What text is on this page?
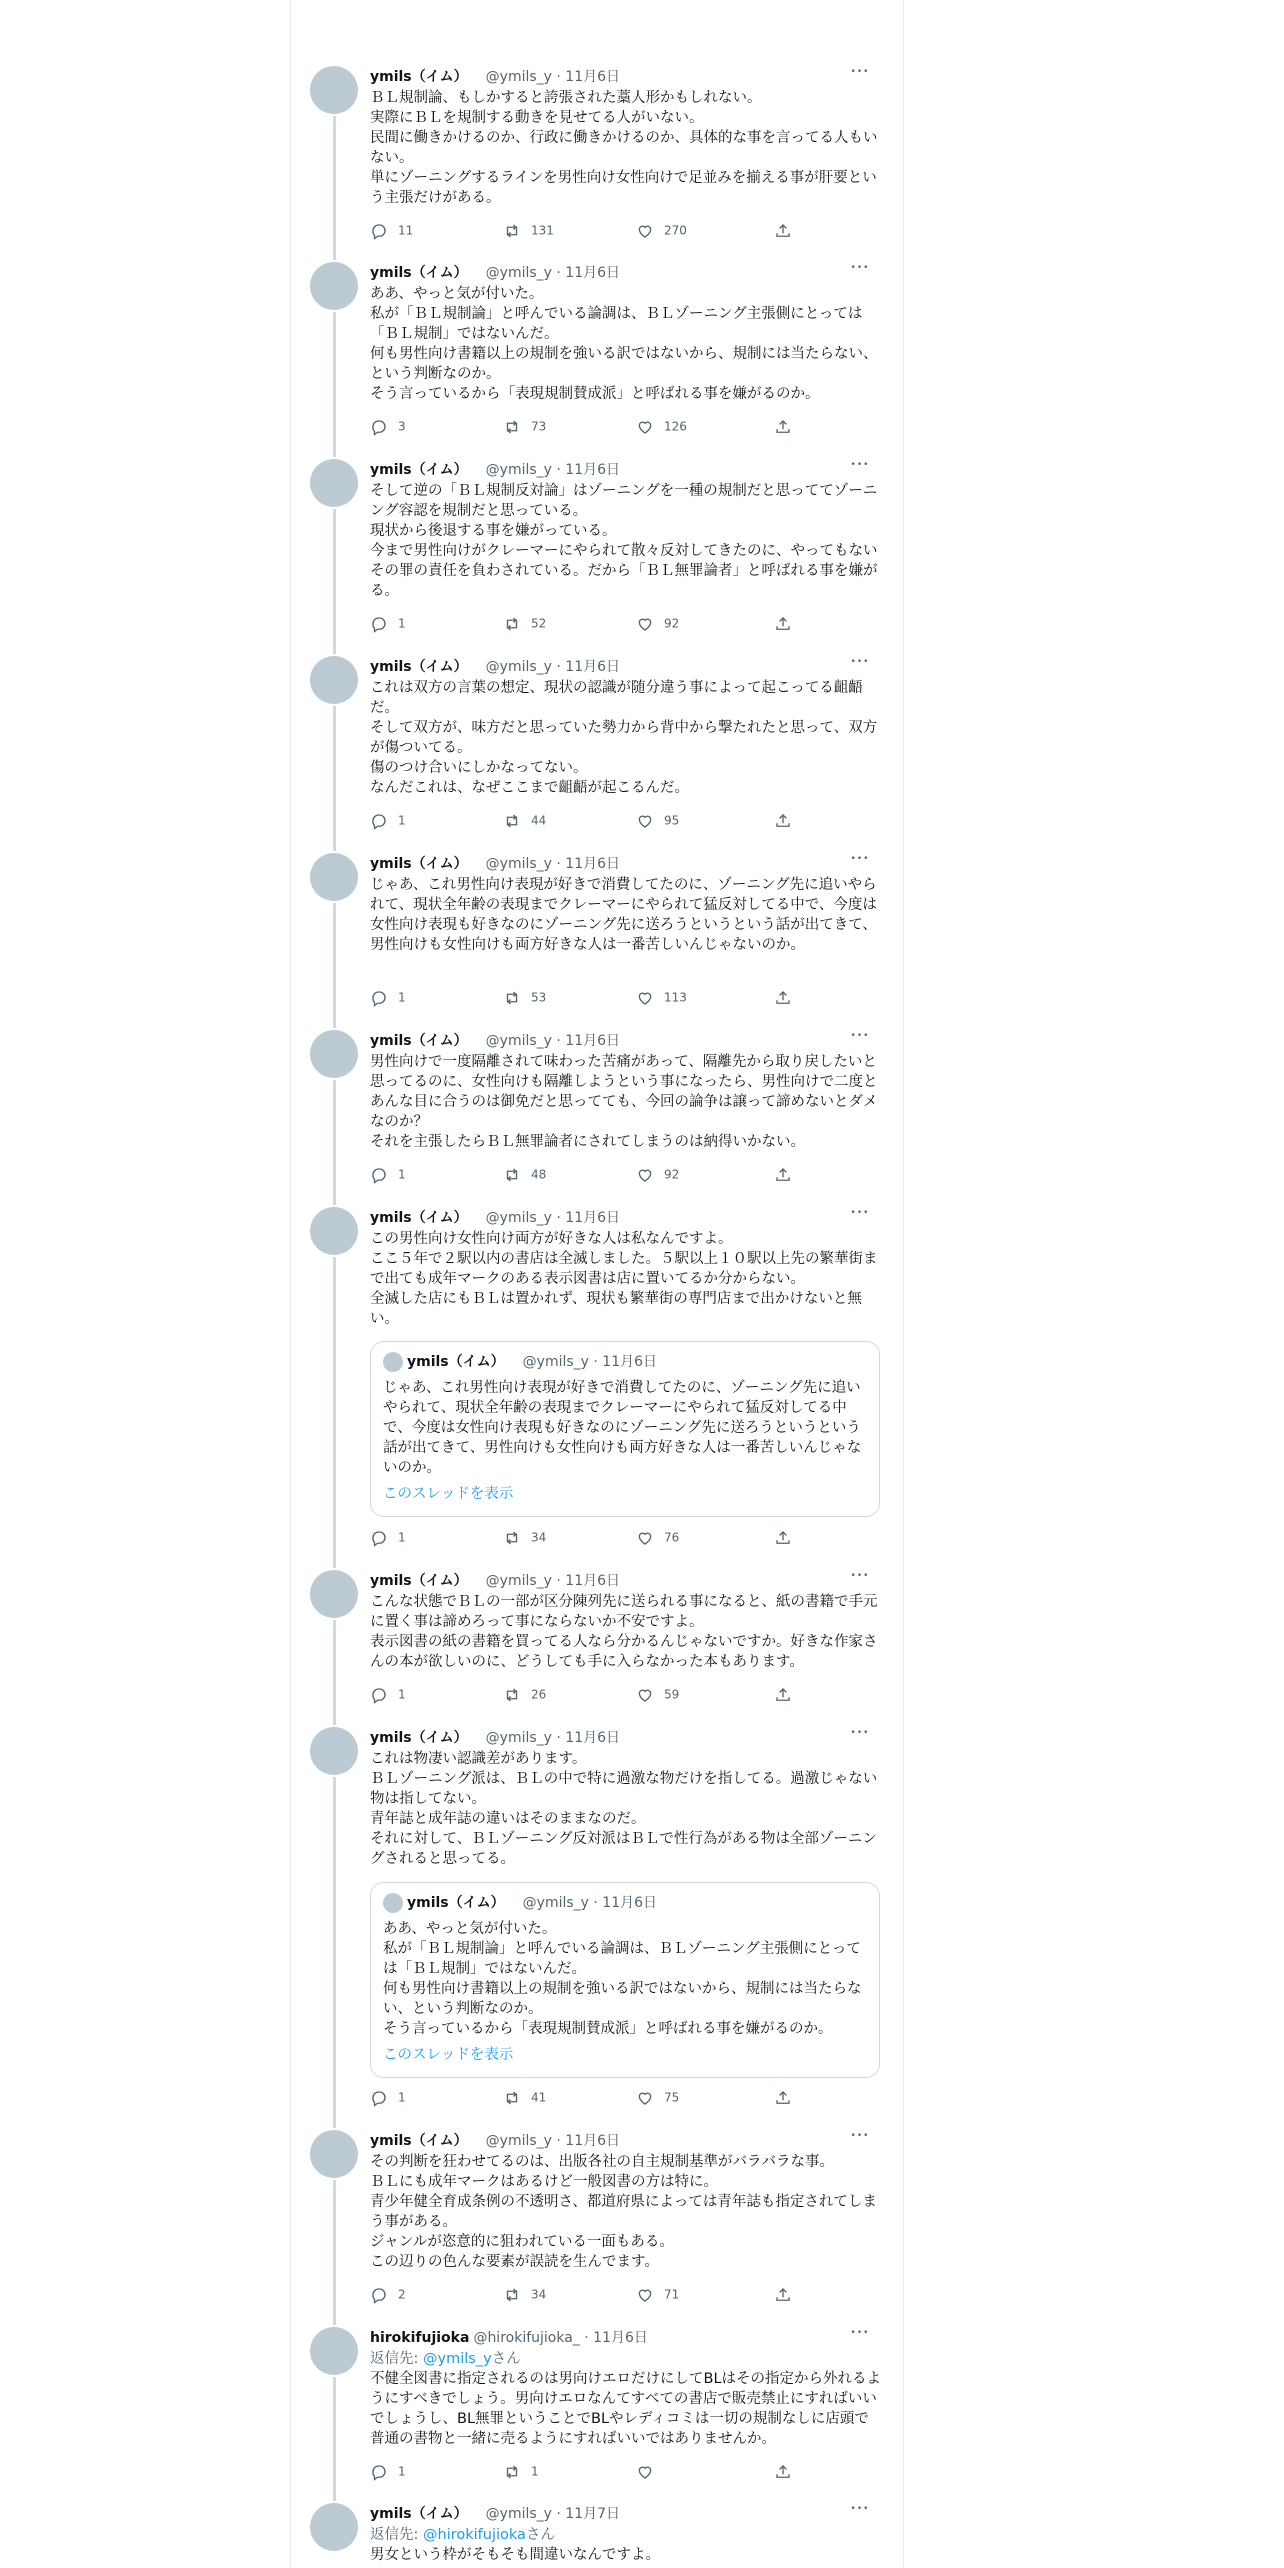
ymils（イム） @ymils_y · 11月6日	•••
ＢＬ規制論、もしかすると誇張された藁人形かもしれない。
実際にＢＬを規制する動きを見せてる人がいない。
民間に働きかけるのか、行政に働きかけるのか、具体的な事を言ってる人もいない。
単にゾーニングするラインを男性向け女性向けで足並みを揃える事が肝要という主張だけがある。
11	131	270
ymils（イム） @ymils_y · 11月6日	•••
ああ、やっと気が付いた。
私が「ＢＬ規制論」と呼んでいる論調は、ＢＬゾーニング主張側にとっては「ＢＬ規制」ではないんだ。
何も男性向け書籍以上の規制を強いる訳ではないから、規制には当たらない、という判断なのか。
そう言っているから「表現規制賛成派」と呼ばれる事を嫌がるのか。
3	73	126
ymils（イム） @ymils_y · 11月6日	•••
そして逆の「ＢＬ規制反対論」はゾーニングを一種の規制だと思っててゾーニング容認を規制だと思っている。
現状から後退する事を嫌がっている。
今まで男性向けがクレーマーにやられて散々反対してきたのに、やってもないその罪の責任を負わされている。だから「ＢＬ無罪論者」と呼ばれる事を嫌がる。
1	52	92
ymils（イム） @ymils_y · 11月6日	•••
これは双方の言葉の想定、現状の認識が随分違う事によって起こってる齟齬だ。
そして双方が、味方だと思っていた勢力から背中から撃たれたと思って、双方が傷ついてる。
傷のつけ合いにしかなってない。
なんだこれは、なぜここまで齟齬が起こるんだ。
1	44	95
ymils（イム） @ymils_y · 11月6日	•••
じゃあ、これ男性向け表現が好きで消費してたのに、ゾーニング先に追いやられて、現状全年齢の表現までクレーマーにやられて猛反対してる中で、今度は女性向け表現も好きなのにゾーニング先に送ろうというという話が出てきて、男性向けも女性向けも両方好きな人は一番苦しいんじゃないのか。
1	53	113
ymils（イム） @ymils_y · 11月6日	•••
男性向けで一度隔離されて味わった苦痛があって、隔離先から取り戻したいと思ってるのに、女性向けも隔離しようという事になったら、男性向けで二度とあんな目に合うのは御免だと思ってても、今回の論争は譲って諦めないとダメなのか？
それを主張したらＢＬ無罪論者にされてしまうのは納得いかない。
1	48	92
ymils（イム） @ymils_y · 11月6日	•••
この男性向け女性向け両方が好きな人は私なんですよ。
ここ５年で２駅以内の書店は全滅しました。５駅以上１０駅以上先の繁華街まで出ても成年マークのある表示図書は店に置いてるか分からない。
全滅した店にもＢＬは置かれず、現状も繁華街の専門店まで出かけないと無い。
ymils（イム） @ymils_y · 11月6日
じゃあ、これ男性向け表現が好きで消費してたのに、ゾーニング先に追いやられて、現状全年齢の表現までクレーマーにやられて猛反対してる中で、今度は女性向け表現も好きなのにゾーニング先に送ろうというという話が出てきて、男性向けも女性向けも両方好きな人は一番苦しいんじゃないのか。
このスレッドを表示
1	34	76
ymils（イム） @ymils_y · 11月6日	•••
こんな状態でＢＬの一部が区分陳列先に送られる事になると、紙の書籍で手元に置く事は諦めろって事にならないか不安ですよ。
表示図書の紙の書籍を買ってる人なら分かるんじゃないですか。好きな作家さんの本が欲しいのに、どうしても手に入らなかった本もあります。
1	26	59
ymils（イム） @ymils_y · 11月6日	•••
これは物凄い認識差があります。
ＢＬゾーニング派は、ＢＬの中で特に過激な物だけを指してる。過激じゃない物は指してない。
青年誌と成年誌の違いはそのままなのだ。
それに対して、ＢＬゾーニング反対派はＢＬで性行為がある物は全部ゾーニングされると思ってる。
ymils（イム） @ymils_y · 11月6日
ああ、やっと気が付いた。
私が「ＢＬ規制論」と呼んでいる論調は、ＢＬゾーニング主張側にとっては「ＢＬ規制」ではないんだ。
何も男性向け書籍以上の規制を強いる訳ではないから、規制には当たらない、という判断なのか。
そう言っているから「表現規制賛成派」と呼ばれる事を嫌がるのか。
このスレッドを表示
1	41	75
ymils（イム） @ymils_y · 11月6日	•••
その判断を狂わせてるのは、出版各社の自主規制基準がバラバラな事。
ＢＬにも成年マークはあるけど一般図書の方は特に。
青少年健全育成条例の不透明さ、都道府県によっては青年誌も指定されてしまう事がある。
ジャンルが恣意的に狙われている一面もある。
この辺りの色んな要素が誤読を生んでます。
2	34	71
hirokifujioka @hirokifujioka_ · 11月6日	•••
返信先: @ymils_yさん
不健全図書に指定されるのは男向けエロだけにしてBLはその指定から外れるようにすべきでしょう。男向けエロなんてすべての書店で販売禁止にすればいいでしょうし、BL無罪ということでBLやレディコミは一切の規制なしに店頭で普通の書物と一緒に売るようにすればいいではありませんか。
1	1
ymils（イム） @ymils_y · 11月7日	•••
返信先: @hirokifujiokaさん
男女という枠がそもそも間違いなんですよ。
